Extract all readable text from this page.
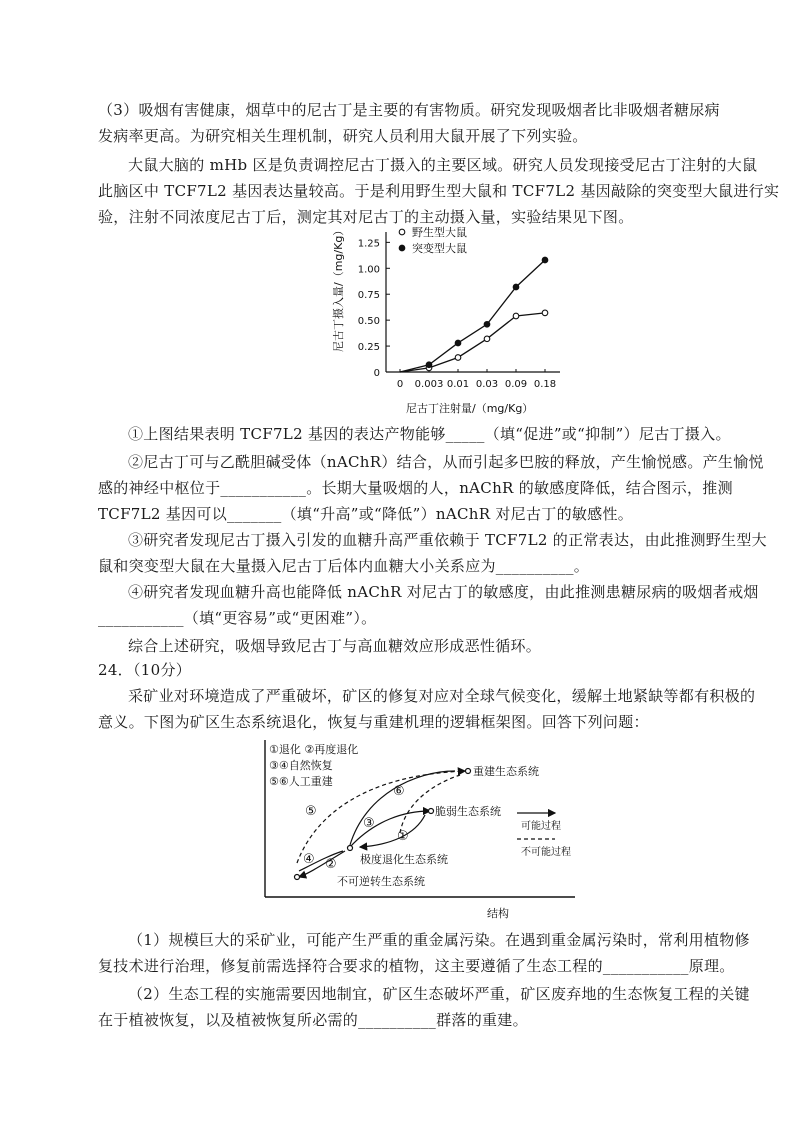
（3）吸烟有害健康，烟草中的尼古丁是主要的有害物质。研究发现吸烟者比非吸烟者糖尿病
发病率更高。为研究相关生理机制，研究人员利用大鼠开展了下列实验。
大鼠大脑的 mHb 区是负责调控尼古丁摄入的主要区域。研究人员发现接受尼古丁注射的大鼠
此脑区中 TCF7L2 基因表达量较高。于是利用野生型大鼠和 TCF7L2 基因敲除的突变型大鼠进行实
验，注射不同浓度尼古丁后，测定其对尼古丁的主动摄入量，实验结果见下图。
0
0.25
0.50
0.75
1.00
1.25
0 0.003 0.01 0.03 0.09 0.18
尼古丁摄入量/（mg/Kg）
尼古丁注射量/（mg/Kg）
野生型大鼠
突变型大鼠
①上图结果表明 TCF7L2 基因的表达产物能够_____（填“促进”或“抑制”）尼古丁摄入。
②尼古丁可与乙酰胆碱受体（nAChR）结合，从而引起多巴胺的释放，产生愉悦感。产生愉悦
感的神经中枢位于___________。长期大量吸烟的人，nAChR 的敏感度降低，结合图示，推测
TCF7L2 基因可以_______（填“升高”或“降低”）nAChR 对尼古丁的敏感性。
③研究者发现尼古丁摄入引发的血糖升高严重依赖于 TCF7L2 的正常表达，由此推测野生型大
鼠和突变型大鼠在大量摄入尼古丁后体内血糖大小关系应为__________。
④研究者发现血糖升高也能降低 nAChR 对尼古丁的敏感度，由此推测患糖尿病的吸烟者戒烟
___________（填“更容易”或“更困难”）。
综合上述研究，吸烟导致尼古丁与高血糖效应形成恶性循环。
24．（10分）
采矿业对环境造成了严重破坏，矿区的修复对应对全球气候变化，缓解土地紧缺等都有积极的
意义。下图为矿区生态系统退化，恢复与重建机理的逻辑框架图。回答下列问题：
①退化 ②再度退化
③④自然恢复
⑤⑥人工重建
重建生态系统
脆弱生态系统
极度退化生态系统
不可逆转生态系统
⑤
⑥
③
①
④ ②
可能过程
不可能过程
结构
（1）规模巨大的采矿业，可能产生严重的重金属污染。在遇到重金属污染时，常利用植物修
复技术进行治理，修复前需选择符合要求的植物，这主要遵循了生态工程的___________原理。
（2）生态工程的实施需要因地制宜，矿区生态破坏严重，矿区废弃地的生态恢复工程的关键
在于植被恢复，以及植被恢复所必需的__________群落的重建。
